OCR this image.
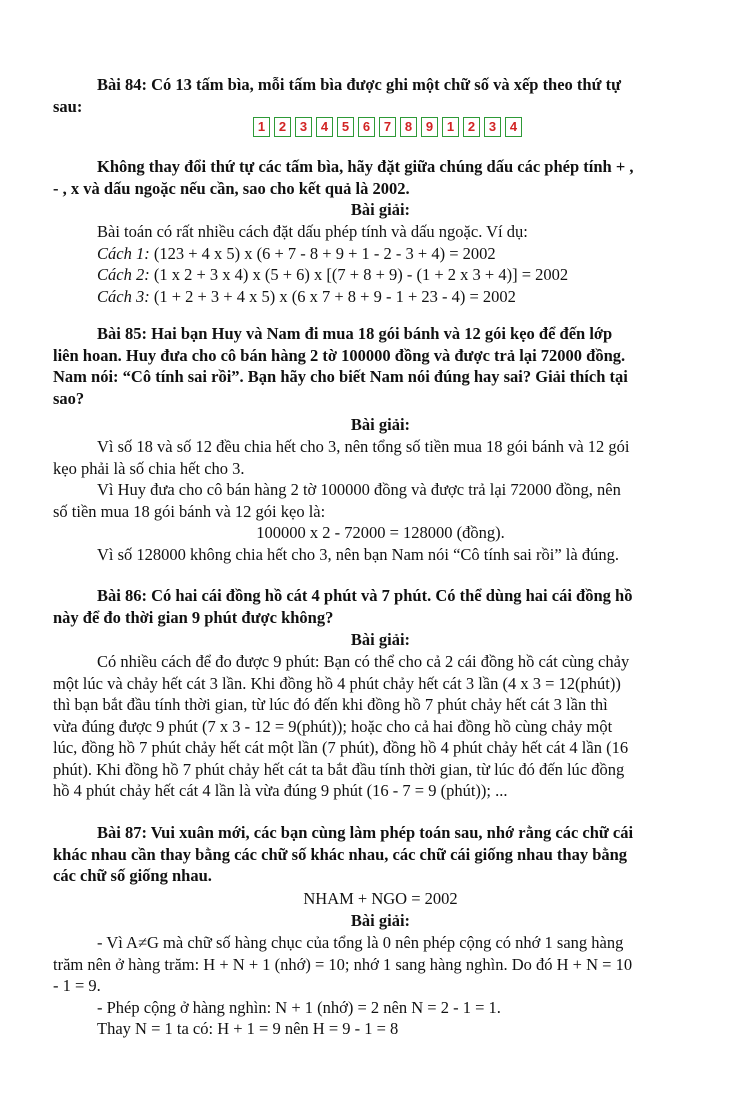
Bài 84: Có 13 tấm bìa, mỗi tấm bìa được ghi một chữ số và xếp theo thứ tự
sau:
1	2	3	4	5	6	7	8	9	1	2	3	4
Không thay đổi thứ tự các tấm bìa, hãy đặt giữa chúng dấu các phép tính + ,
- , x và dấu ngoặc nếu cần, sao cho kết quả là 2002.
Bài giải:
Bài toán có rất nhiều cách đặt dấu phép tính và dấu ngoặc. Ví dụ:
Cách 1: (123 + 4 x 5) x (6 + 7 - 8 + 9 + 1 - 2 - 3 + 4) = 2002
Cách 2: (1 x 2 + 3 x 4) x (5 + 6) x [(7 + 8 + 9) - (1 + 2 x 3 + 4)] = 2002
Cách 3: (1 + 2 + 3 + 4 x 5) x (6 x 7 + 8 + 9 - 1 + 23 - 4) = 2002
Bài 85: Hai bạn Huy và Nam đi mua 18 gói bánh và 12 gói kẹo để đến lớp
liên hoan. Huy đưa cho cô bán hàng 2 tờ 100000 đồng và được trả lại 72000 đồng.
Nam nói: “Cô tính sai rồi”. Bạn hãy cho biết Nam nói đúng hay sai? Giải thích tại
sao?
Bài giải:
Vì số 18 và số 12 đều chia hết cho 3, nên tổng số tiền mua 18 gói bánh và 12 gói
kẹo phải là số chia hết cho 3.
Vì Huy đưa cho cô bán hàng 2 tờ 100000 đồng và được trả lại 72000 đồng, nên
số tiền mua 18 gói bánh và 12 gói kẹo là:
100000 x 2 - 72000 = 128000 (đồng).
Vì số 128000 không chia hết cho 3, nên bạn Nam nói “Cô tính sai rồi” là đúng.
Bài 86: Có hai cái đồng hồ cát 4 phút và 7 phút. Có thể dùng hai cái đồng hồ
này để đo thời gian 9 phút được không?
Bài giải:
Có nhiều cách để đo được 9 phút: Bạn có thể cho cả 2 cái đồng hồ cát cùng chảy
một lúc và chảy hết cát 3 lần. Khi đồng hồ 4 phút chảy hết cát 3 lần (4 x 3 = 12(phút))
thì bạn bắt đầu tính thời gian, từ lúc đó đến khi đồng hồ 7 phút chảy hết cát 3 lần thì
vừa đúng được 9 phút (7 x 3 - 12 = 9(phút)); hoặc cho cả hai đồng hồ cùng chảy một
lúc, đồng hồ 7 phút chảy hết cát một lần (7 phút), đồng hồ 4 phút chảy hết cát 4 lần (16
phút). Khi đồng hồ 7 phút chảy hết cát ta bắt đầu tính thời gian, từ lúc đó đến lúc đồng
hồ 4 phút chảy hết cát 4 lần là vừa đúng 9 phút (16 - 7 = 9 (phút)); ...
Bài 87: Vui xuân mới, các bạn cùng làm phép toán sau, nhớ rằng các chữ cái
khác nhau cần thay bằng các chữ số khác nhau, các chữ cái giống nhau thay bằng
các chữ số giống nhau.
NHAM + NGO = 2002
Bài giải:
- Vì A≠G mà chữ số hàng chục của tổng là 0 nên phép cộng có nhớ 1 sang hàng
trăm nên ở hàng trăm: H + N + 1 (nhớ) = 10; nhớ 1 sang hàng nghìn. Do đó H + N = 10
- 1 = 9.
- Phép cộng ở hàng nghìn: N + 1 (nhớ) = 2 nên N = 2 - 1 = 1.
Thay N = 1 ta có: H + 1 = 9 nên H = 9 - 1 = 8
